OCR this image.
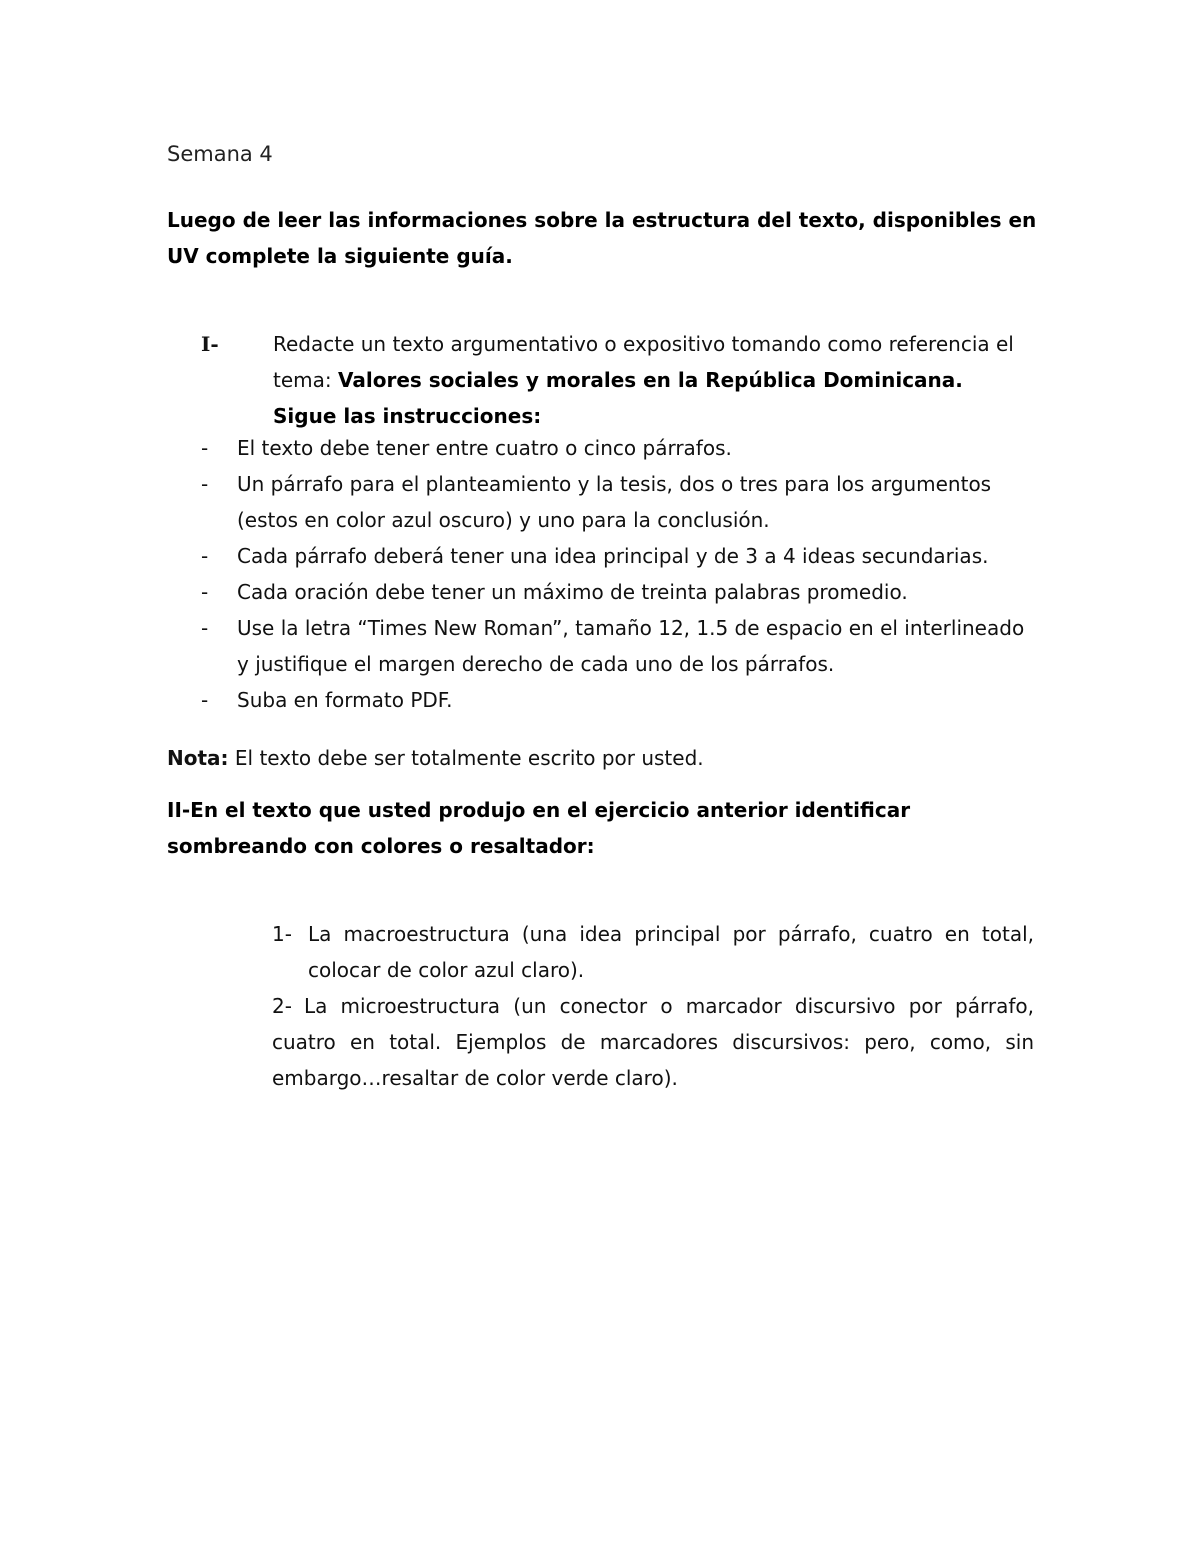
Semana 4
Luego de leer las informaciones sobre la estructura del texto, disponibles en UV complete la siguiente guía.
I-	Redacte un texto argumentativo o expositivo tomando como referencia el tema: Valores sociales y morales en la República Dominicana.
Sigue las instrucciones:
- El texto debe tener entre cuatro o cinco párrafos.
- Un párrafo para el planteamiento y la tesis, dos o tres para los argumentos (estos en color azul oscuro) y uno para la conclusión.
- Cada párrafo deberá tener una idea principal y de 3 a 4 ideas secundarias.
- Cada oración debe tener un máximo de treinta palabras promedio.
- Use la letra “Times New Roman”, tamaño 12, 1.5 de espacio en el interlineado y justifique el margen derecho de cada uno de los párrafos.
- Suba en formato PDF.
Nota: El texto debe ser totalmente escrito por usted.
II-En el texto que usted produjo en el ejercicio anterior identificar sombreando con colores o resaltador:
1- La macroestructura (una idea principal por párrafo, cuatro en total, colocar de color azul claro).
2- La microestructura (un conector o marcador discursivo por párrafo, cuatro en total. Ejemplos de marcadores discursivos: pero, como, sin embargo…resaltar de color verde claro).
